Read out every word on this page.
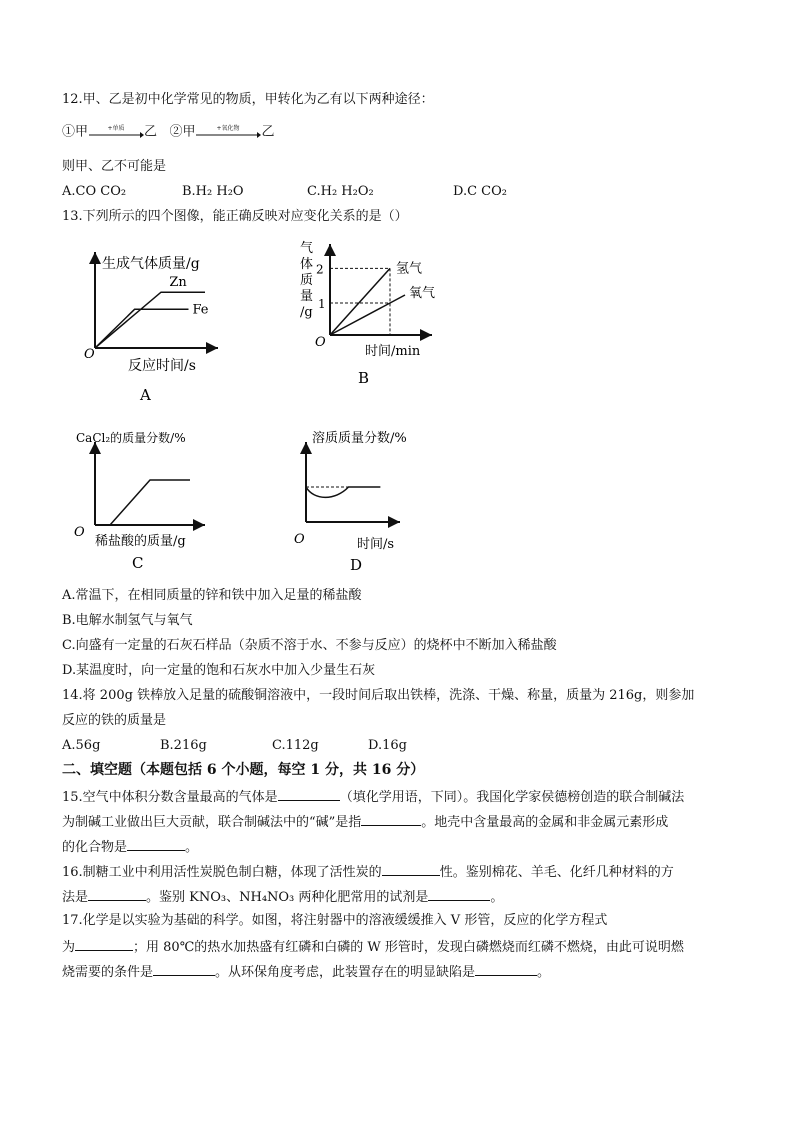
12.甲、乙是初中化学常见的物质，甲转化为乙有以下两种途径：
①甲	+单质 乙 ②甲	+氧化物 乙
则甲、乙不可能是
A.CO CO₂	B.H₂ H₂O	C.H₂ H₂O₂	D.C CO₂
13.下列所示的四个图像，能正确反映对应变化关系的是（）
生成气体质量/g
反应时间/s
O
A
气体质量/g
时间/min
O
B
CaCl₂的质量分数/%
稀盐酸的质量/g
O
C
溶质质量分数/%
时间/s
O
D
Zn
Fe
氢气
氧气
2
1
A.常温下，在相同质量的锌和铁中加入足量的稀盐酸
B.电解水制氢气与氧气
C.向盛有一定量的石灰石样品（杂质不溶于水、不参与反应）的烧杯中不断加入稀盐酸
D.某温度时，向一定量的饱和石灰水中加入少量生石灰
14.将 200g 铁棒放入足量的硫酸铜溶液中，一段时间后取出铁棒，洗涤、干燥、称量，质量为 216g，则参加
反应的铁的质量是
A.56g	B.216g	C.112g	D.16g
二、填空题（本题包括 6 个小题，每空 1 分，共 16 分）
15.空气中体积分数含量最高的气体是	（填化学用语，下同）。我国化学家侯德榜创造的联合制碱法
为制碱工业做出巨大贡献，联合制碱法中的“碱”是指	。地壳中含量最高的金属和非金属元素形成
的化合物是	。
16.制糖工业中利用活性炭脱色制白糖，体现了活性炭的	性。鉴别棉花、羊毛、化纤几种材料的方
法是	。鉴别 KNO₃、NH₄NO₃ 两种化肥常用的试剂是	。
17.化学是以实验为基础的科学。如图，将注射器中的溶液缓缓推入 V 形管，反应的化学方程式
为	；用 80℃的热水加热盛有红磷和白磷的 W 形管时，发现白磷燃烧而红磷不燃烧，由此可说明燃
烧需要的条件是	。从环保角度考虑，此装置存在的明显缺陷是	。
